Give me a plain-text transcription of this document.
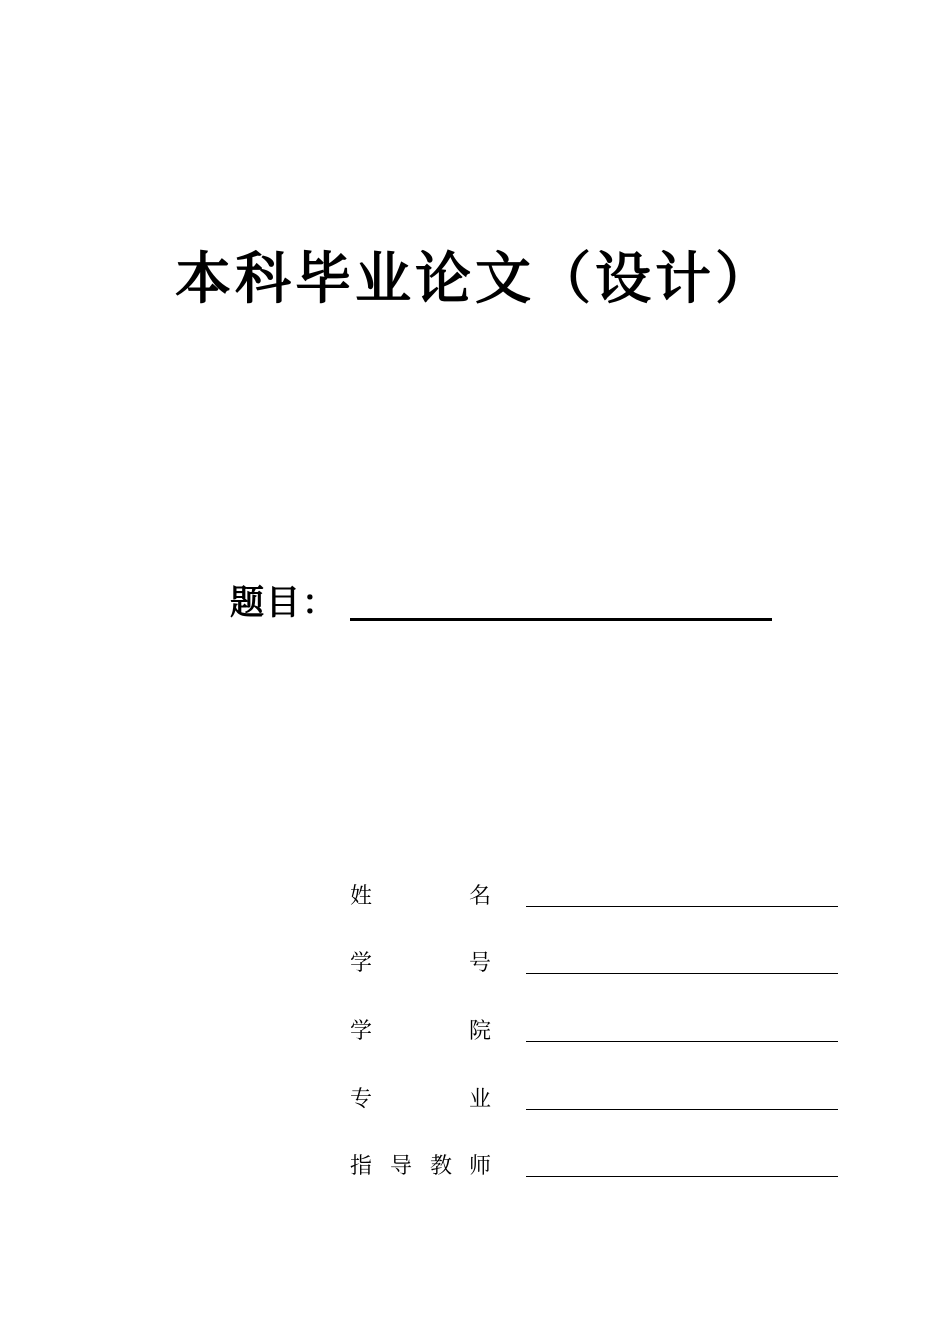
本科毕业论文（设计）
题目：
姓	名
学	号
学	院
专	业
指 导 教 师
